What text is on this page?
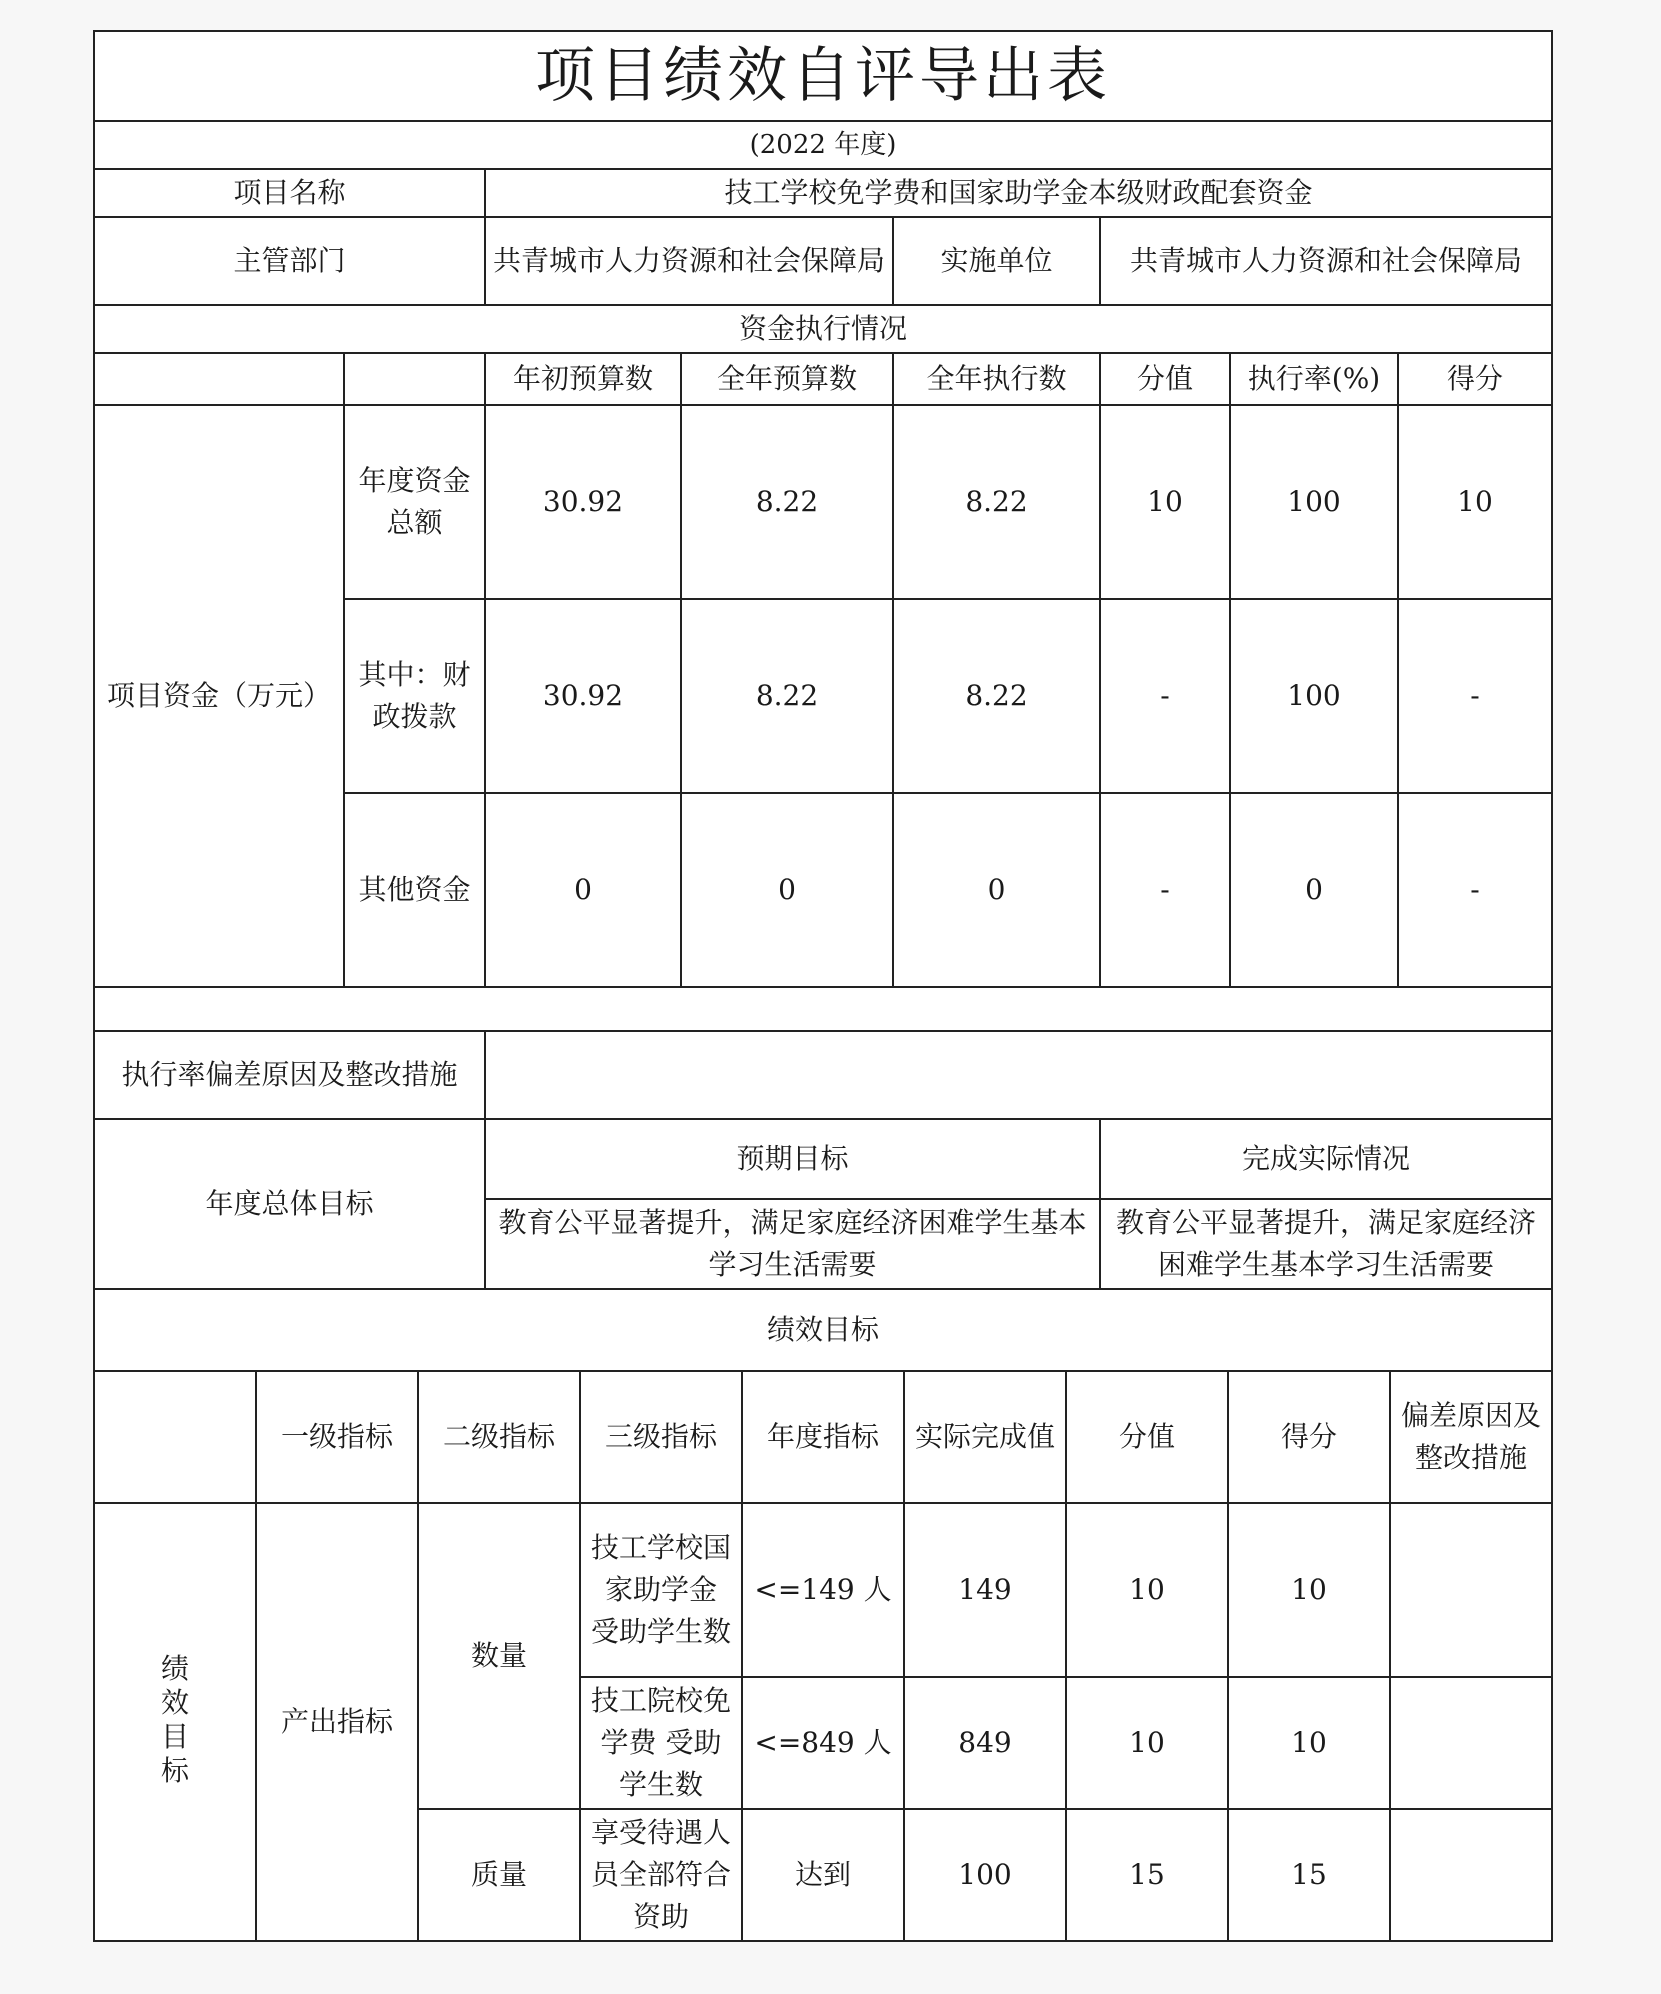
项目绩效自评导出表							
(2022 年度)							
项目名称		技工学校免学费和国家助学金本级财政配套资金					
主管部门		共青城市人力资源和社会保障局		实施单位	共青城市人力资源和社会保障局		
资金执行情况							
		年初预算数	全年预算数	全年执行数	分值	执行率(%)	得分
项目资金（万元）	年度资金总额	30.92	8.22	8.22	10	100	10
	其中：财政拨款	30.92	8.22	8.22	-	100	-
	其他资金	0	0	0	-	0	-

执行率偏差原因及整改措施							
年度总体目标		预期目标			完成实际情况		
		教育公平显著提升，满足家庭经济困难学生基本学习生活需要			教育公平显著提升，满足家庭经济困难学生基本学习生活需要		
绩效目标							
	一级指标	二级指标	三级指标	年度指标	实际完成值	分值	得分	偏差原因及整改措施
绩效目标	产出指标	数量	技工学校国家助学金 受助学生数	<=149 人	149	10	10	
			技工院校免学费 受助学生数	<=849 人	849	10	10	
		质量	享受待遇人员全部符合资助	达到	100	15	15	
